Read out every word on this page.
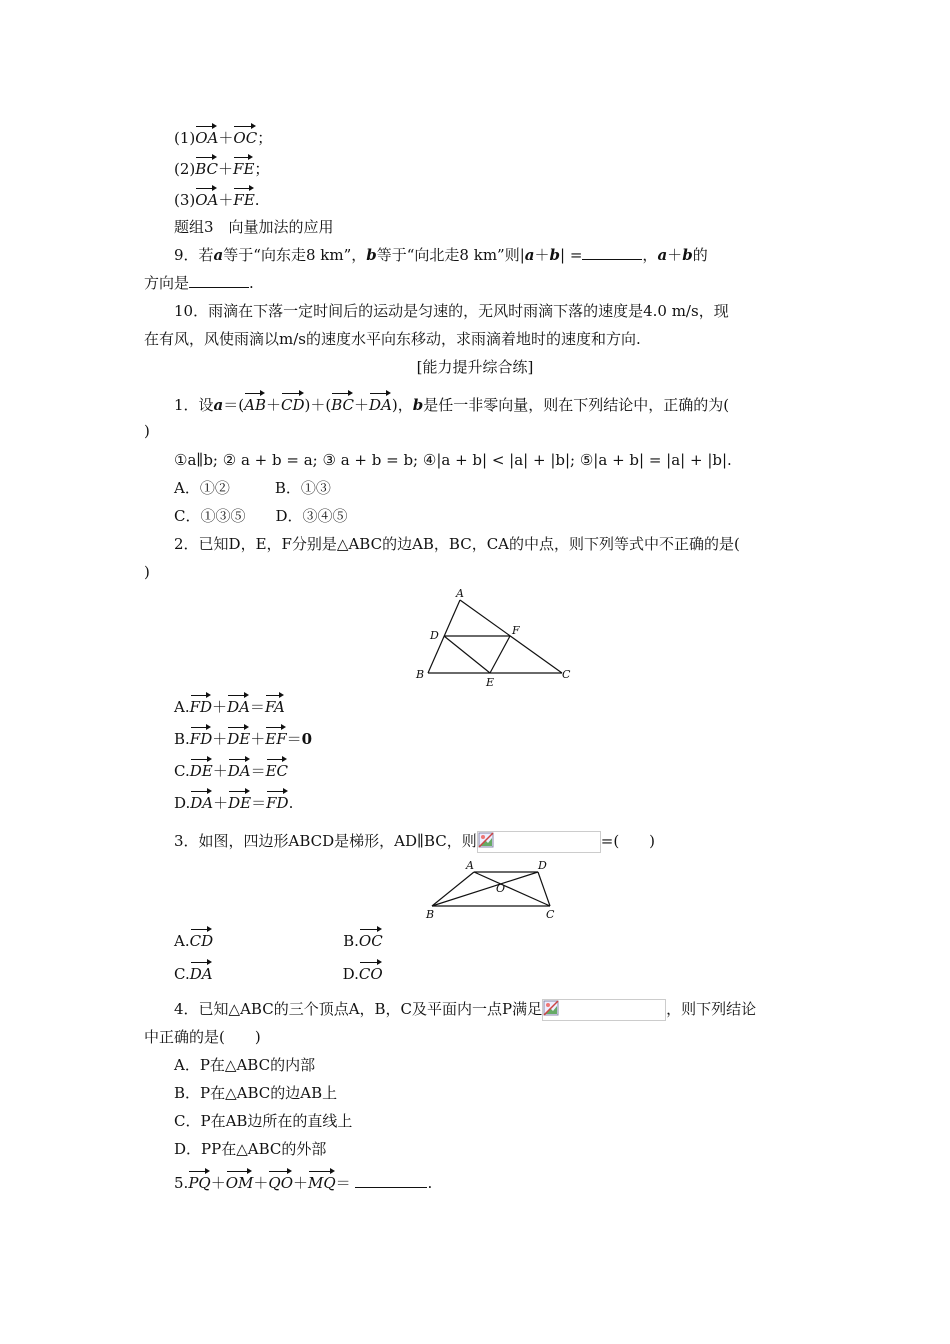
(1)OA＋OC；
(2)BC＋FE；
(3)OA＋FE.
题组3　向量加法的应用
9．若a等于“向东走8 km”，b等于“向北走8 km”则|a＋b| =	，a＋b的
方向是	.
10．雨滴在下落一定时间后的运动是匀速的，无风时雨滴下落的速度是4.0 m/s，现
在有风，风使雨滴以m/s的速度水平向东移动，求雨滴着地时的速度和方向.
[能力提升综合练]
1．设a＝(AB＋CD)＋(BC＋DA)，b是任一非零向量，则在下列结论中，正确的为(
)
①a∥b; ② a + b = a; ③ a + b = b; ④|a + b| < |a| + |b|; ⑤|a + b| = |a| + |b|.
A．①②　　　B．①③
C．①③⑤　　D．③④⑤
2．已知D，E，F分别是△ABC的边AB，BC，CA的中点，则下列等式中不正确的是(
)
A
D	F
B
E
C
A.FD＋DA＝FA
B.FD＋DE＋EF＝0
C.DE＋DA＝EC
D.DA＋DE＝FD.
3．如图，四边形ABCD是梯形，AD∥BC，则	=(　　)
A	D
O
B	C
A.CD	B.OC
C.DA	D.CO
4．已知△ABC的三个顶点A，B，C及平面内一点P满足	，则下列结论
中正确的是(　　)
A．P在△ABC的内部
B．P在△ABC的边AB上
C．P在AB边所在的直线上
D．PP在△ABC的外部
5.PQ＋OM＋QO＋MQ＝	.
